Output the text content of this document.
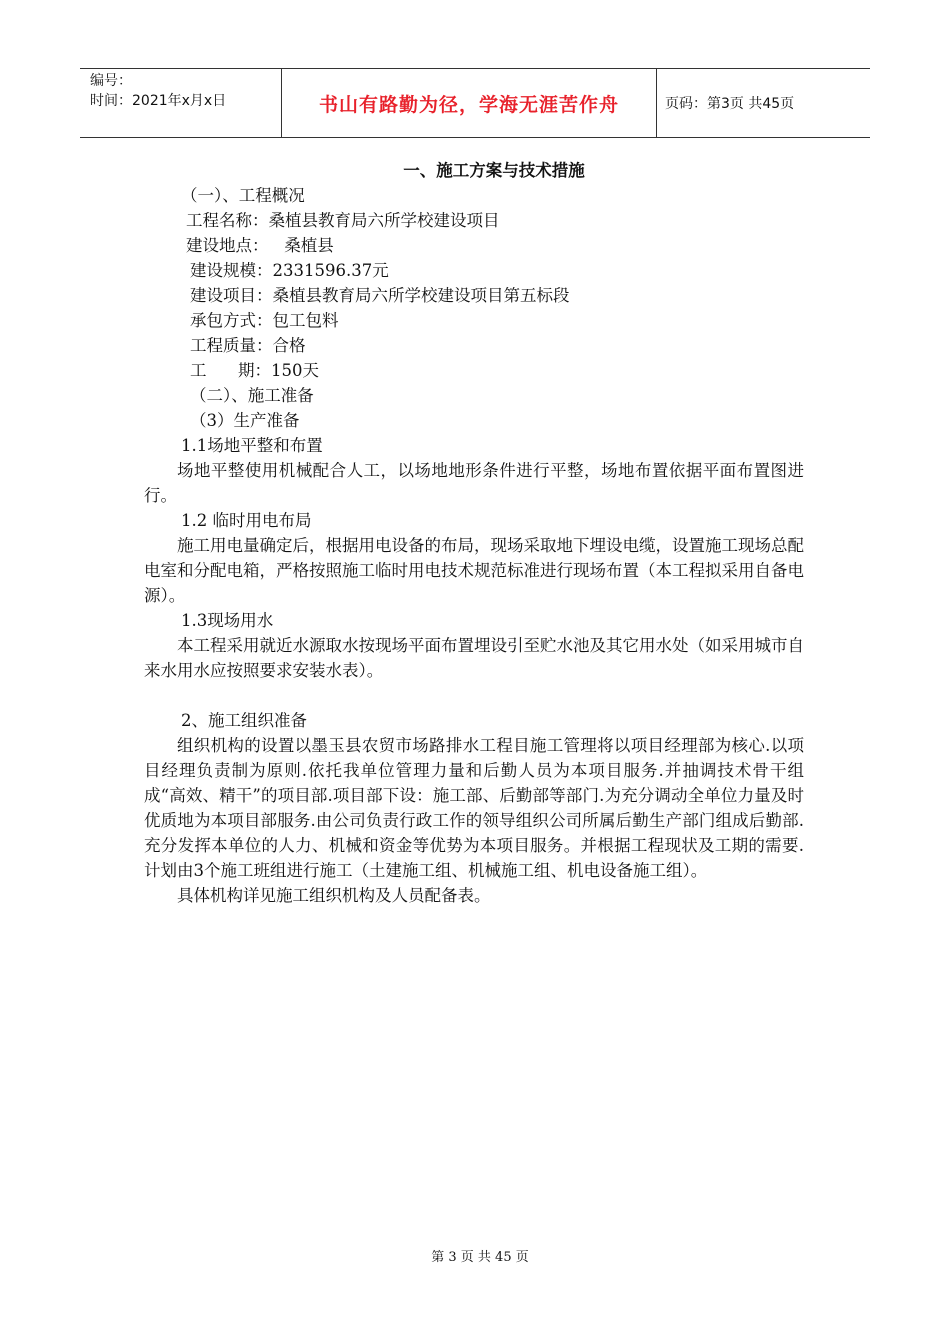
编号：
时间：2021年x月x日	书山有路勤为径，学海无涯苦作舟	页码：第3页 共45页
一、施工方案与技术措施
（一）、工程概况
工程名称：桑植县教育局六所学校建设项目
建设地点：   桑植县
建设规模：2331596.37元
建设项目：桑植县教育局六所学校建设项目第五标段
承包方式：包工包料
工程质量：合格
工      期：150天
（二）、施工准备
（3）生产准备
1.1场地平整和布置
场地平整使用机械配合人工，以场地地形条件进行平整，场地布置依据平面布置图进行。
1.2 临时用电布局
施工用电量确定后，根据用电设备的布局，现场采取地下埋设电缆，设置施工现场总配电室和分配电箱，严格按照施工临时用电技术规范标准进行现场布置（本工程拟采用自备电源）。
1.3现场用水
本工程采用就近水源取水按现场平面布置埋设引至贮水池及其它用水处（如采用城市自来水用水应按照要求安装水表）。
2、施工组织准备
组织机构的设置以墨玉县农贸市场路排水工程目施工管理将以项目经理部为核心.以项目经理负责制为原则.依托我单位管理力量和后勤人员为本项目服务.并抽调技术骨干组成“高效、精干”的项目部.项目部下设：施工部、后勤部等部门.为充分调动全单位力量及时优质地为本项目部服务.由公司负责行政工作的领导组织公司所属后勤生产部门组成后勤部.充分发挥本单位的人力、机械和资金等优势为本项目服务。并根据工程现状及工期的需要.计划由3个施工班组进行施工（土建施工组、机械施工组、机电设备施工组）。
具体机构详见施工组织机构及人员配备表。
第 3 页 共 45 页
